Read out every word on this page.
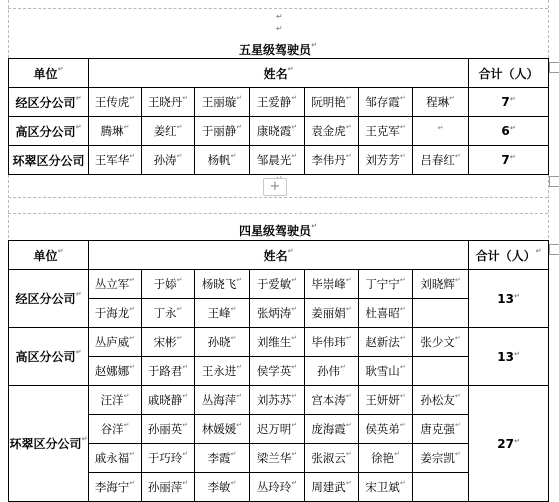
↵
↵
五星级驾驶员↵
单位↵	姓名↵							合计（人）
经区分公司↵	王传虎↵	王晓丹↵	王丽璇↵	王爱静↵	阮明艳↵	邹存霞↵	程琳↵	7↵
高区分公司↵	腾琳↵	姜红↵	于丽静↵	康晓霞↵	袁金虎↵	王克军↵	↵	6↵
环翠区分公司	王军华↵	孙涛↵	杨帆↵	邹晨光↵	李伟丹↵	刘芳芳↵	吕春红↵	7↵
+
四星级驾驶员↵
单位↵	姓名↵							合计（人）↵
经区分公司↵	丛立军↵	于婖↵	杨晓飞↵	于爱敏↵	毕崇峰↵	丁宁宁↵	刘晓辉↵	13↵
	于海龙↵	丁永↵	王峰↵	张炳涛↵	姜丽娟↵	杜喜昭↵	
高区分公司↵	丛庐威↵	宋彬↵	孙晓↵	刘维生↵	毕伟玮↵	赵新法↵	张少文↵	13↵
	赵娜娜↵	于路君↵	王永进↵	侯学英↵	孙伟↵	耿雪山↵	
环翠区分公司↵	汪洋↵	戚晓静↵	丛海萍↵	刘苏苏↵	宫本涛↵	王妍妍↵	孙松友↵	27↵
	谷洋↵	孙丽英↵	林媛媛↵	迟万明↵	庞海霞↵	侯英弟↵	唐克强↵
	戚永福↵	于巧玲↵	李霞↵	梁兰华↵	张淑云↵	徐艳↵	姜宗凯↵
	李海宁↵	孙丽萍↵	李敏↵	丛玲玲↵	周建武↵	宋卫斌↵	
